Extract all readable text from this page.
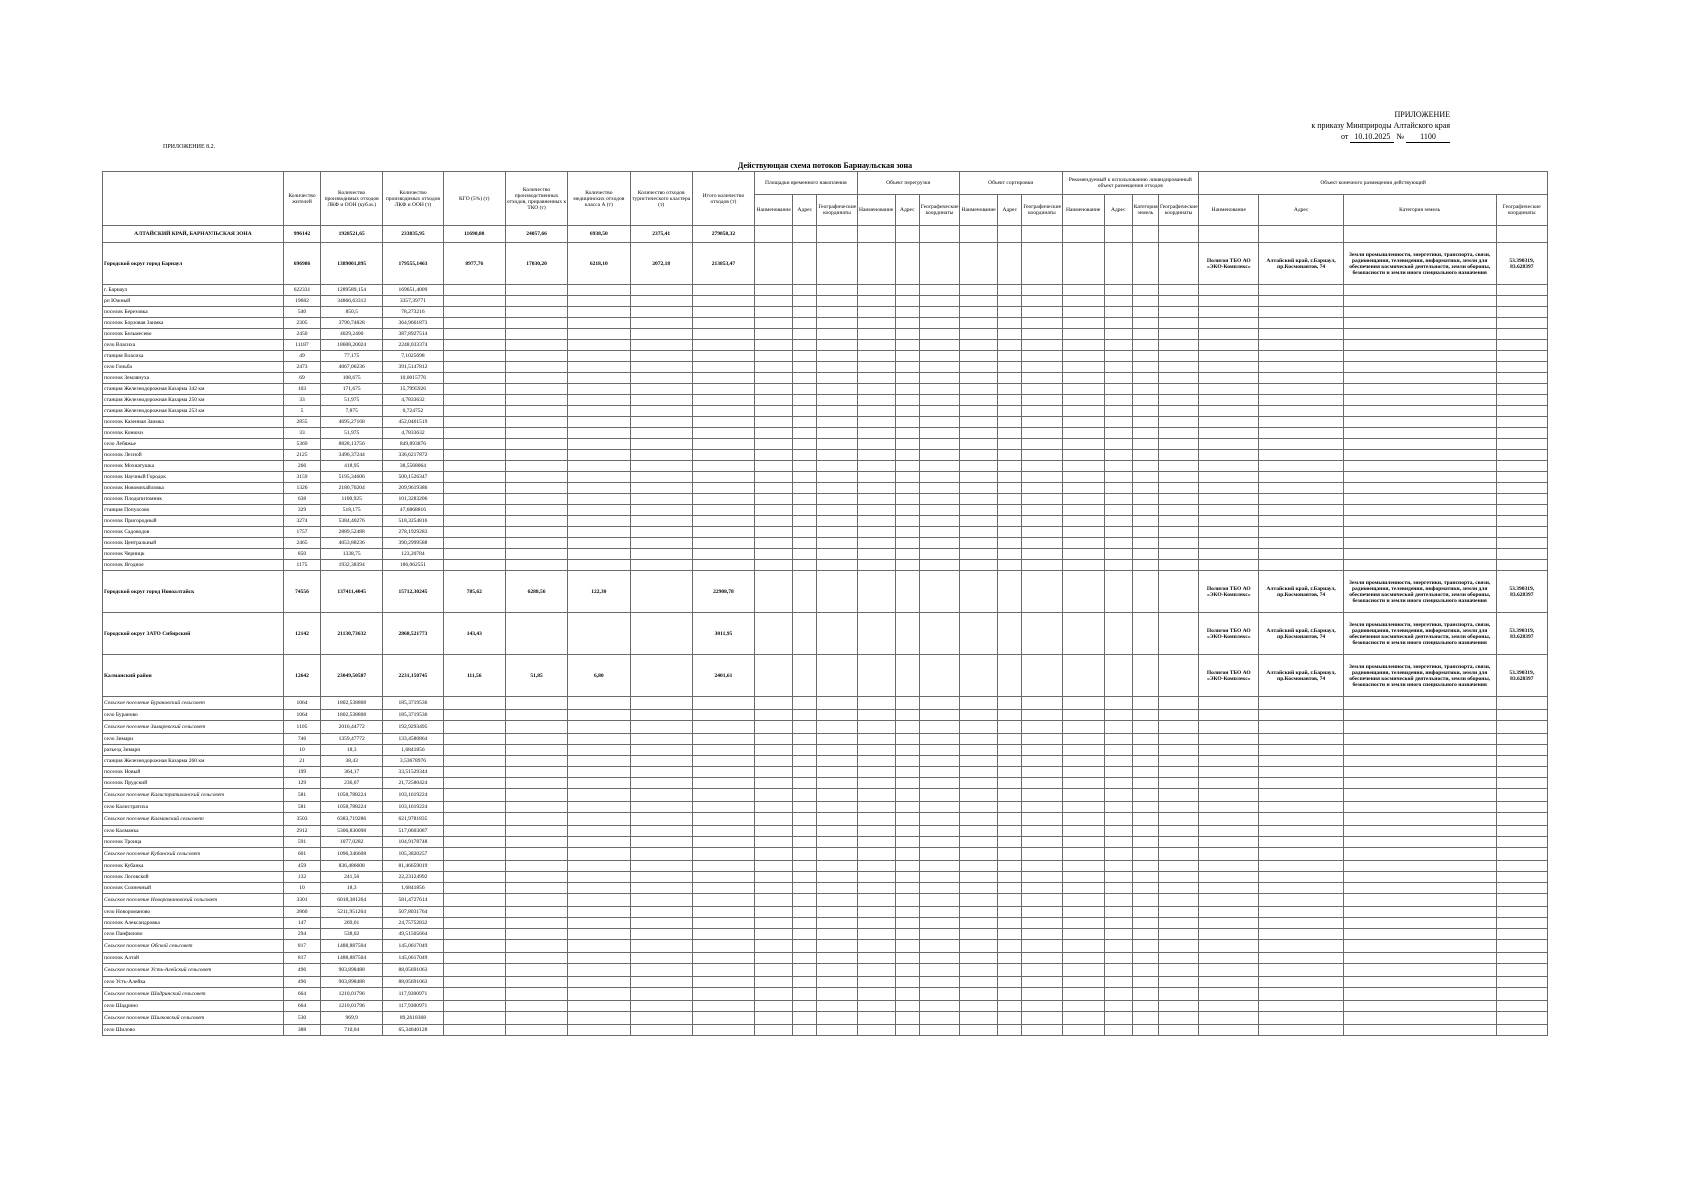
ПРИЛОЖЕНИЕ
к приказу Минприроды Алтайского края
от 10.10.2025 № 1100
ПРИЛОЖЕНИЕ 8.2.
Действующая схема потоков Барнаульская зона
	Количество жителей	Количество производимых отходов ЛКФ и ООН (куб.м.)	Количество производимых отходов ЛКФ и ООН (т)	КГО (5%) (т)	Количество производственных отходов, приравненных к ТКО (т)	Количество медицинских отходов класса А (т)	Количество отходов туристического кластера (т)	Итого количество отходов (т)	Площадки временного накопления			Объект перегрузки			Объект сортировки			Рекомендуемый к использованию ликвидированный объект размещения отходов				Объект конечного размещения действующий			
									Наименование	Адрес	Географические координаты	Наименование	Адрес	Географические координаты	Наименование	Адрес	Географические координаты	Наименование	Адрес	Категория земель	Географические координаты	Наименование	Адрес	Категория земель	Географические координаты
АЛТАЙСКИЙ КРАЙ, БАРНАУЛЬСКАЯ ЗОНА	996142	1928521,65	233835,95	11690,80	24057,66	6938,50	2375,41	279858,32																	
Городской округ город Барнаул	696986	1389001,895	179555,1463	8977,76	17030,20	6218,10	2072,18	213853,47														Полигон ТБО АО «ЭКО-Комплекс»	Алтайский край, г.Барнаул, пр.Космонавтов, 74	Земли промышленности, энергетики, транспорта, связи, радиовещания, телевидения, информатики, земли для обеспечения космической деятельности, земли обороны, безопасности и земли иного специального назначения	53.390319, 83.628397
г. Барнаул	622331	1289589,154	169651,4009																						
рп Южный	19682	34866,63312	3357,39771																						
поселок Березовка	540	850,5	78,273216																						
поселок Борзовая Заимка	2305	3790,74828	364,9661873																						
поселок Бельмесево	2450	4029,2400	387,8927514																						
село Власиха	11187	18608,20024	2248,033374																						
станция Власиха	49	77,175	7,1025698																						
село Гоньба	2473	4067,06236	391,5147812																						
поселок Землянуха	69	108,675	10,0015776																						
станция Железнодорожная Казарма 342 км	103	171,675	15,7995926																						
станция Железнодорожная Казарма 250 км	33	51,975	4,7833632																						
станция Железнодорожная Казарма 253 км	5	7,875	0,724752																						
поселок Казенная Заимка	2855	4695,27168	452,0461519																						
поселок Конюхи	33	51,975	4,7833632																						
село Лебяжье	5369	8828,13756	849,893876																						
поселок Лесной	2125	3496,37244	336,6217872																						
поселок Мохнатушка	266	418,95	38,5568064																						
поселок Научный Городок	3159	5195,34606	500,1526347																						
поселок Новомихайловка	1326	2180,70204	209,9619386																						
поселок Плодопитомник	638	1100,925	101,3283206																						
станция Попуасово	329	518,175	47,6868816																						
поселок Пригородный	3274	5384,40276	518,3254816																						
поселок Садоводов	1757	2889,52488	278,1929283																						
поселок Центральный	2465	4053,88236	390,2999588																						
поселок Черницк	850	1338,75	123,20784																						
поселок Ягодное	1175	1932,38394	186,062551																						
Городской округ город Новоалтайск	74556	137411,4045	15712,30245	785,62	6288,56	122,30		22908,78														Полигон ТБО АО «ЭКО-Комплекс»	Алтайский край, г.Барнаул, пр.Космонавтов, 74	Земли промышленности, энергетики, транспорта, связи, радиовещания, телевидения, информатики, земли для обеспечения космической деятельности, земли обороны, безопасности и земли иного специального назначения	53.390319, 83.628397
Городской округ ЗАТО Сибирский	12142	21130,73632	2868,521773	143,43				3011,95														Полигон ТБО АО «ЭКО-Комплекс»	Алтайский край, г.Барнаул, пр.Космонавтов, 74	Земли промышленности, энергетики, транспорта, связи, радиовещания, телевидения, информатики, земли для обеспечения космической деятельности, земли обороны, безопасности и земли иного специального назначения	53.390319, 83.628397
Калманский район	12642	23049,50587	2231,150745	111,56	51,85	6,80		2401,61														Полигон ТБО АО «ЭКО-Комплекс»	Алтайский край, г.Барнаул, пр.Космонавтов, 74	Земли промышленности, энергетики, транспорта, связи, радиовещания, телевидения, информатики, земли для обеспечения космической деятельности, земли обороны, безопасности и земли иного специального назначения	53.390319, 83.628397
Сельское поселение Бурановский сельсовет	1064	1802,538808	185,3719536																						
село Бураново	1064	1802,538808	185,3719536																						
Сельское поселение Зимаревский сельсовет	1105	2016,44772	192,9293495																						
село Зимари	746	1359,47772	133,4580864																						
разъезд Зимари	10	18,3	1,6841856																						
станция Железнодорожная Казарма 260 км	21	38,43	3,53678976																						
поселок Новый	199	364,17	33,51529344																						
поселок Прудский	129	236,07	21,72580424																						
Сельское поселение Калистратихинский сельсовет	581	1058,788224	103,1619224																						
село Калистратиха	581	1058,788224	103,1619224																						
Сельское поселение Калманский сельсовет	3503	6383,719286	621,9781835																						
село Калманка	2912	5306,830098	517,0603087																						
поселок Троица	591	1077,0282	104,9178748																						
Сельское поселение Кубанский сельсовет	601	1096,346608	105,3820257																						
поселок Кубанка	459	836,486608	81,46659019																						
поселок Логовской	132	241,56	22,23124992																						
поселок Солнечный	10	18,3	1,6841856																						
Сельское поселение Новоромановский сельсовет	3301	6018,381264	581,4727614																						
село Новороманово	2860	5211,951264	507,8031764																						
поселок Александровка	147	269,01	24,75752832																						
село Панфилово	294	538,02	49,51505664																						
Сельское поселение Обской сельсовет	817	1488,887504	145,0617049																						
поселок Алтай	817	1488,887504	145,0617049																						
Сельское поселение Усть-Алейский сельсовет	496	903,898488	88,05691063																						
село Усть-Алейка	496	903,898488	88,05691063																						
Сельское поселение Шадринский сельсовет	664	1210,01796	117,9300971																						
село Шадрино	664	1210,01796	117,9300971																						
Сельское поселение Шилковский сельсовет	530	969,9	89,2618368																						
село Шилово	388	710,04	65,34640128																						
